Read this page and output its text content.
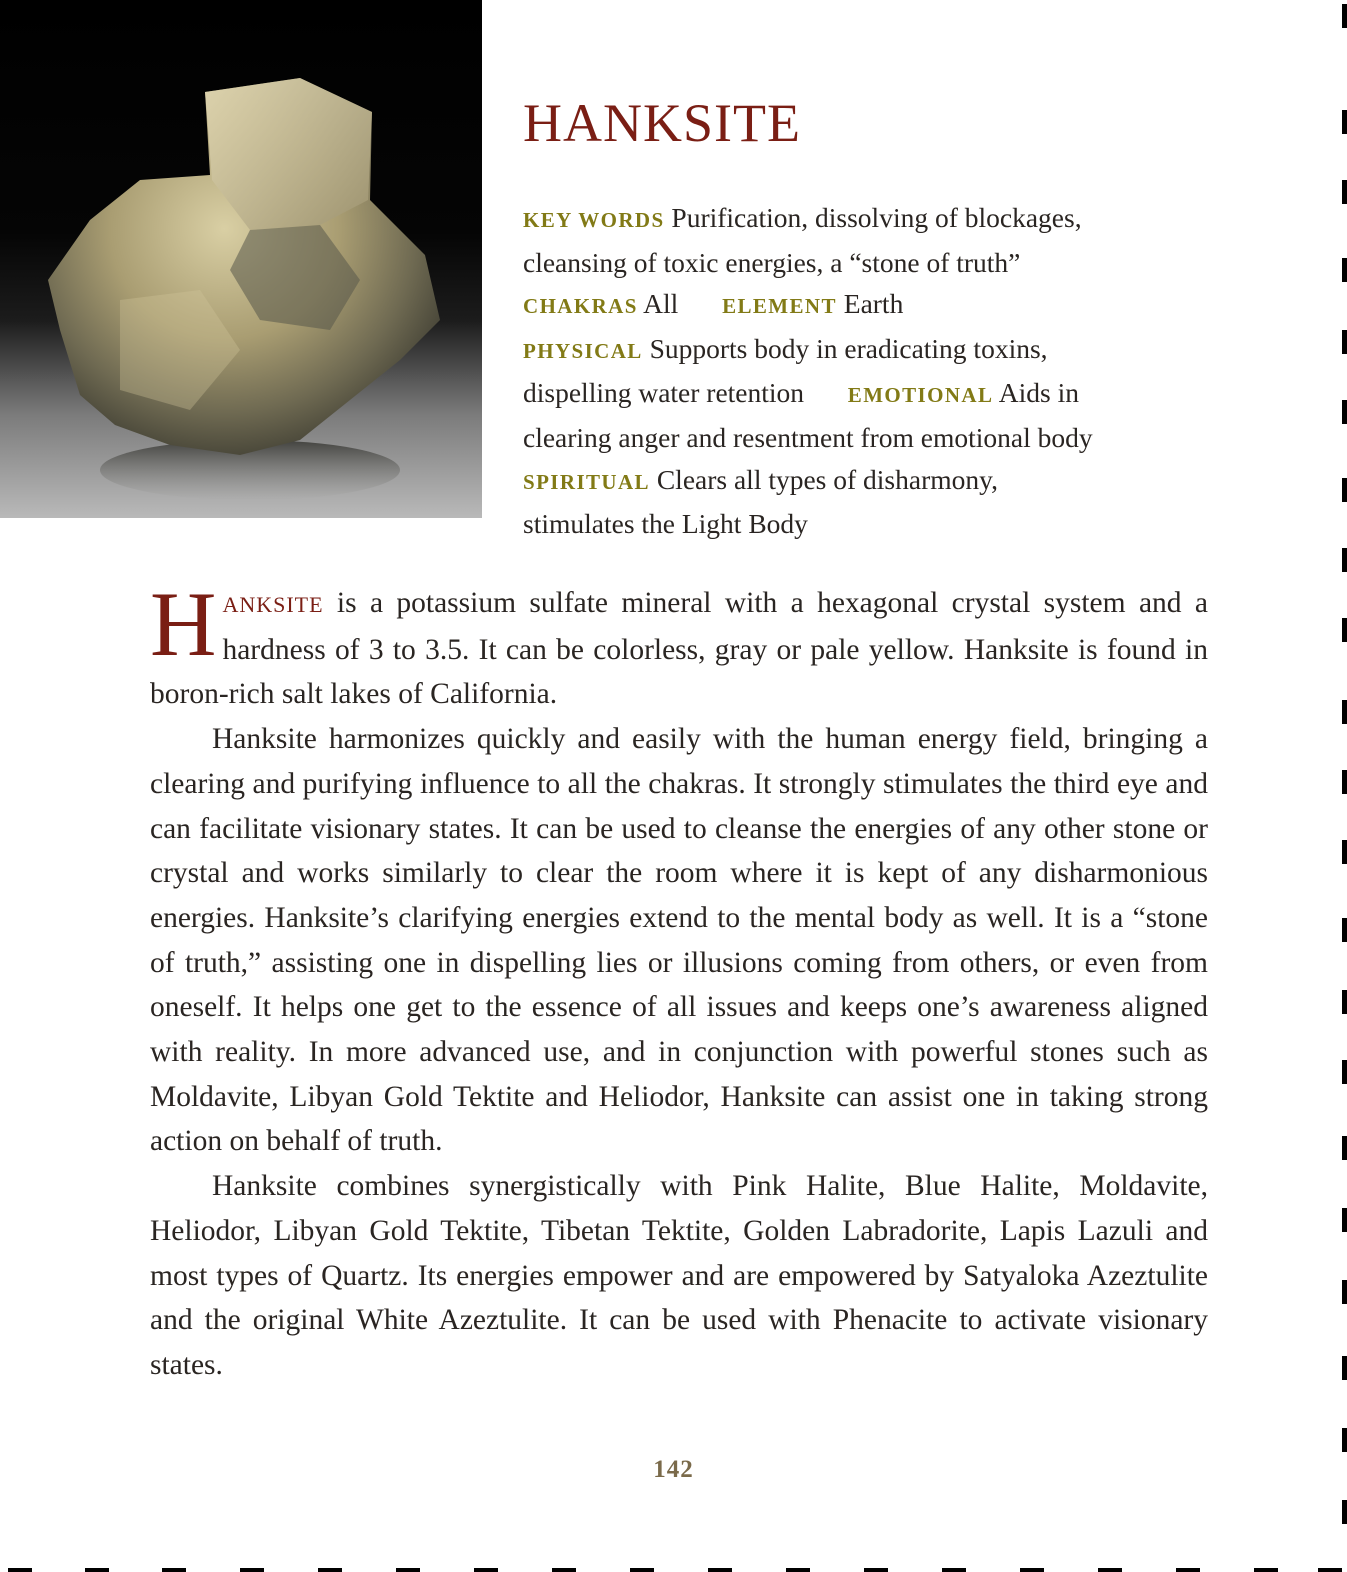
HANKSITE
KEY WORDS Purification, dissolving of blockages,
cleansing of toxic energies, a “stone of truth”
CHAKRAS All ELEMENT Earth
PHYSICAL Supports body in eradicating toxins,
dispelling water retention EMOTIONAL Aids in
clearing anger and resentment from emotional body
SPIRITUAL Clears all types of disharmony,
stimulates the Light Body

HANKSITE is a potassium sulfate mineral with a hexagonal crystal system and a hardness of 3 to 3.5. It can be colorless, gray or pale yellow. Hanksite is found in boron-rich salt lakes of California.

Hanksite harmonizes quickly and easily with the human energy field, bringing a clearing and purifying influence to all the chakras. It strongly stimulates the third eye and can facilitate visionary states. It can be used to cleanse the energies of any other stone or crystal and works similarly to clear the room where it is kept of any disharmonious energies. Hanksite’s clarifying energies extend to the mental body as well. It is a “stone of truth,” assisting one in dispelling lies or illusions coming from others, or even from oneself. It helps one get to the essence of all issues and keeps one’s awareness aligned with reality. In more advanced use, and in conjunction with powerful stones such as Moldavite, Libyan Gold Tektite and Heliodor, Hanksite can assist one in taking strong action on behalf of truth.

Hanksite combines synergistically with Pink Halite, Blue Halite, Moldavite, Heliodor, Libyan Gold Tektite, Tibetan Tektite, Golden Labradorite, Lapis Lazuli and most types of Quartz. Its energies empower and are empowered by Satyaloka Azeztulite and the original White Azeztulite. It can be used with Phenacite to activate visionary states.

142
